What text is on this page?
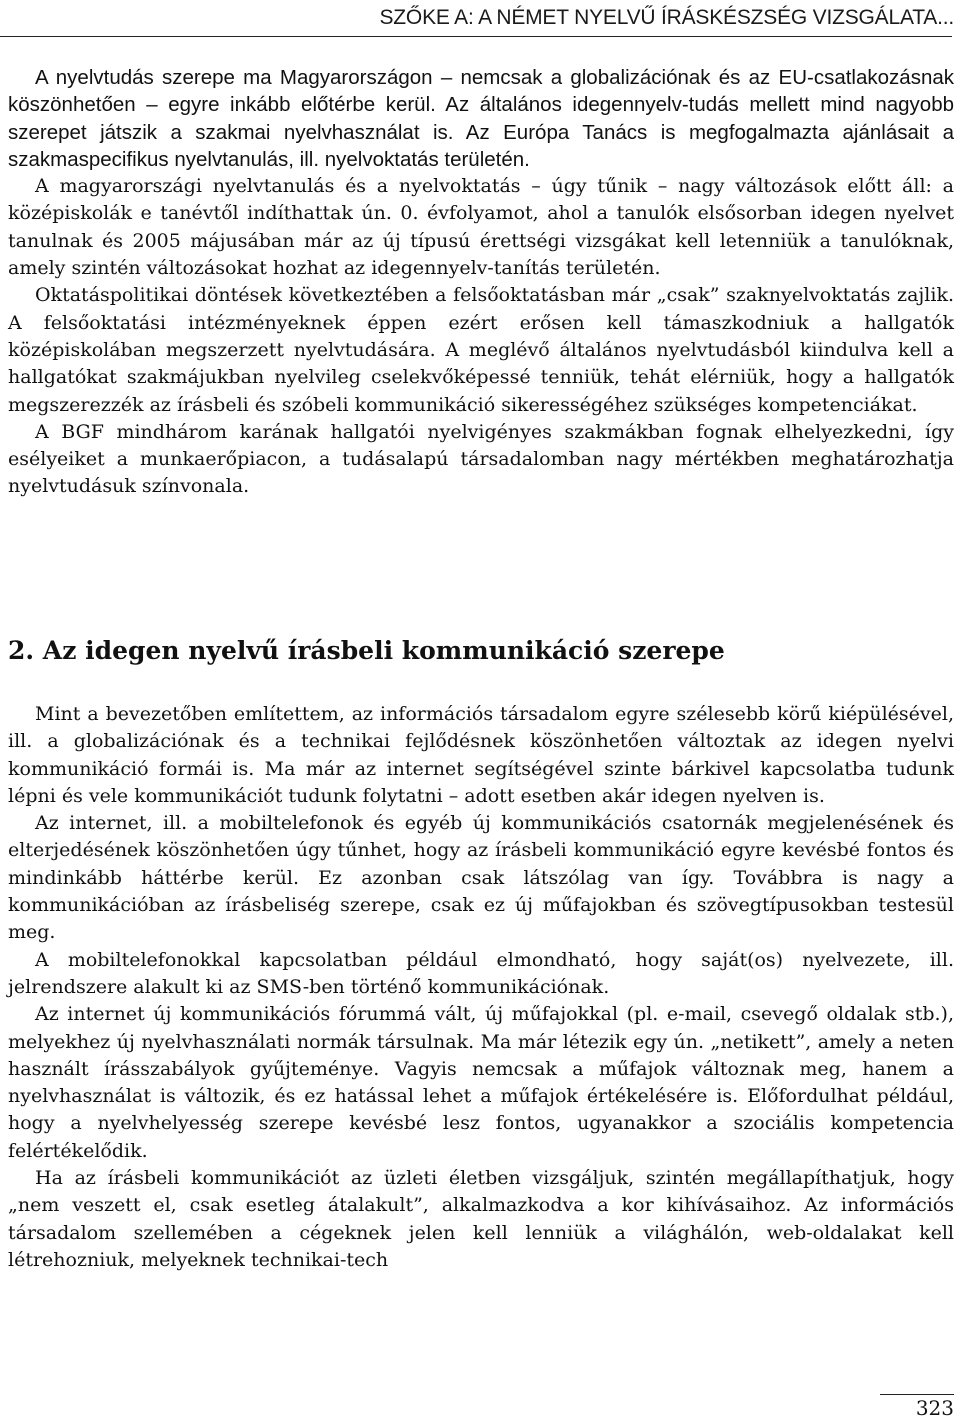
SZŐKE A: A NÉMET NYELVŰ ÍRÁSKÉSZSÉG VIZSGÁLATA...

A nyelvtudás szerepe ma Magyarországon – nemcsak a globalizációnak és az EU-csatlakozásnak köszönhetően – egyre inkább előtérbe kerül. Az általános idegennyelv-tudás mellett mind nagyobb szerepet játszik a szakmai nyelvhasználat is. Az Európa Tanács is megfogalmazta ajánlásait a szakmaspecifikus nyelvtanulás, ill. nyelvoktatás területén.

A magyarországi nyelvtanulás és a nyelvoktatás – úgy tűnik – nagy változások előtt áll: a középiskolák e tanévtől indíthattak ún. 0. évfolyamot, ahol a tanulók elsősorban idegen nyelvet tanulnak és 2005 májusában már az új típusú érettségi vizsgákat kell letenniük a tanulóknak, amely szintén változásokat hozhat az idegennyelv-tanítás területén.

Oktatáspolitikai döntések következtében a felsőoktatásban már „csak” szaknyelvoktatás zajlik. A felsőoktatási intézményeknek éppen ezért erősen kell támaszkodniuk a hallgatók középiskolában megszerzett nyelvtudására. A meglévő általános nyelvtudásból kiindulva kell a hallgatókat szakmájukban nyelvileg cselekvőképessé tenniük, tehát elérniük, hogy a hallgatók megszerezzék az írásbeli és szóbeli kommunikáció sikerességéhez szükséges kompetenciákat.

A BGF mindhárom karának hallgatói nyelvigényes szakmákban fognak elhelyezkedni, így esélyeiket a munkaerőpiacon, a tudásalapú társadalomban nagy mértékben meghatározhatja nyelvtudásuk színvonala.

2. Az idegen nyelvű írásbeli kommunikáció szerepe

Mint a bevezetőben említettem, az információs társadalom egyre szélesebb körű kiépülésével, ill. a globalizációnak és a technikai fejlődésnek köszönhetően változtak az idegen nyelvi kommunikáció formái is. Ma már az internet segítségével szinte bárkivel kapcsolatba tudunk lépni és vele kommunikációt tudunk folytatni – adott esetben akár idegen nyelven is.

Az internet, ill. a mobiltelefonok és egyéb új kommunikációs csatornák megjelenésének és elterjedésének köszönhetően úgy tűnhet, hogy az írásbeli kommunikáció egyre kevésbé fontos és mindinkább háttérbe kerül. Ez azonban csak látszólag van így. Továbbra is nagy a kommunikációban az írásbeliség szerepe, csak ez új műfajokban és szövegtípusokban testesül meg.

A mobiltelefonokkal kapcsolatban például elmondható, hogy saját(os) nyelvezete, ill. jelrendszere alakult ki az SMS-ben történő kommunikációnak.

Az internet új kommunikációs fórummá vált, új műfajokkal (pl. e-mail, csevegő oldalak stb.), melyekhez új nyelvhasználati normák társulnak. Ma már létezik egy ún. „netikett”, amely a neten használt írásszabályok gyűjteménye. Vagyis nemcsak a műfajok változnak meg, hanem a nyelvhasználat is változik, és ez hatással lehet a műfajok értékelésére is. Előfordulhat például, hogy a nyelvhelyesség szerepe kevésbé lesz fontos, ugyanakkor a szociális kompetencia felértékelődik.

Ha az írásbeli kommunikációt az üzleti életben vizsgáljuk, szintén megállapíthatjuk, hogy „nem veszett el, csak esetleg átalakult”, alkalmazkodva a kor kihívásaihoz. Az információs társadalom szellemében a cégeknek jelen kell lenniük a világhálón, web-oldalakat kell létrehozniuk, melyeknek technikai-tech

323
